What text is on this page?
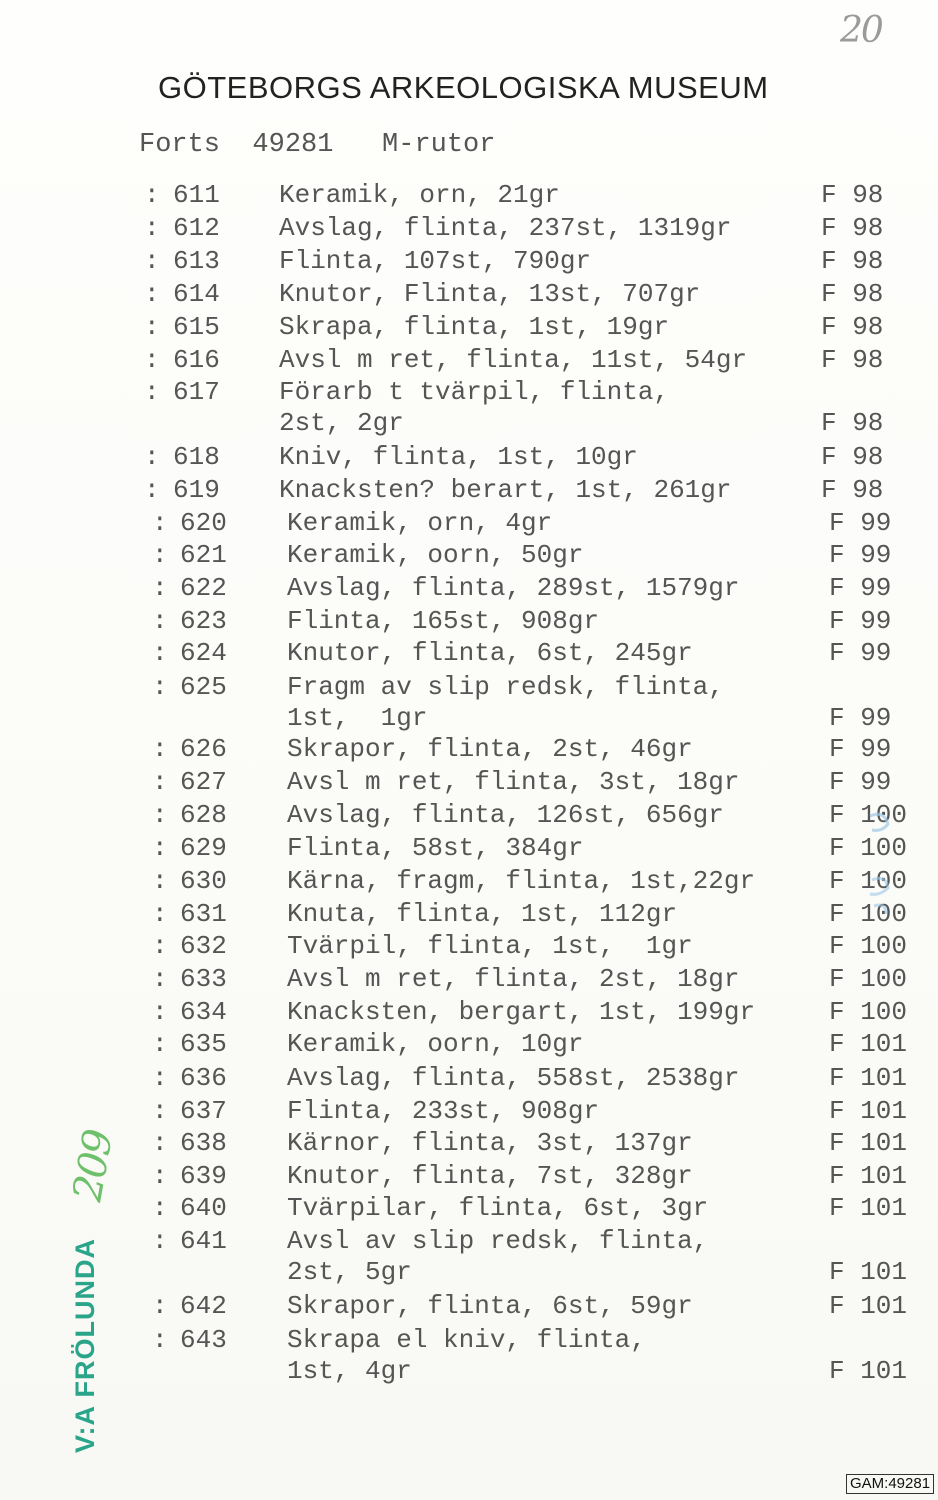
20
GÖTEBORGS ARKEOLOGISKA MUSEUM
Forts  49281   M-rutor
: 611 Keramik, orn, 21gr	F 98
: 612 Avslag, flinta, 237st, 1319gr	F 98
: 613 Flinta, 107st, 790gr	F 98
: 614 Knutor, Flinta, 13st, 707gr	F 98
: 615 Skrapa, flinta, 1st, 19gr	F 98
: 616 Avsl m ret, flinta, 11st, 54gr	F 98
: 617 Förarb t tvärpil, flinta,
2st, 2gr	F 98
: 618 Kniv, flinta, 1st, 10gr	F 98
: 619 Knacksten? berart, 1st, 261gr	F 98
: 620 Keramik, orn, 4gr	F 99
: 621 Keramik, oorn, 50gr	F 99
: 622 Avslag, flinta, 289st, 1579gr	F 99
: 623 Flinta, 165st, 908gr	F 99
: 624 Knutor, flinta, 6st, 245gr	F 99
: 625 Fragm av slip redsk, flinta,
1st,  1gr	F 99
: 626 Skrapor, flinta, 2st, 46gr	F 99
: 627 Avsl m ret, flinta, 3st, 18gr	F 99
: 628 Avslag, flinta, 126st, 656gr	F 100
: 629 Flinta, 58st, 384gr	F 100
: 630 Kärna, fragm, flinta, 1st,22gr	F 100
: 631 Knuta, flinta, 1st, 112gr	F 100
: 632 Tvärpil, flinta, 1st,  1gr	F 100
: 633 Avsl m ret, flinta, 2st, 18gr	F 100
: 634 Knacksten, bergart, 1st, 199gr	F 100
: 635 Keramik, oorn, 10gr	F 101
: 636 Avslag, flinta, 558st, 2538gr	F 101
: 637 Flinta, 233st, 908gr	F 101
: 638 Kärnor, flinta, 3st, 137gr	F 101
: 639 Knutor, flinta, 7st, 328gr	F 101
: 640 Tvärpilar, flinta, 6st, 3gr	F 101
: 641 Avsl av slip redsk, flinta,
2st, 5gr	F 101
: 642 Skrapor, flinta, 6st, 59gr	F 101
: 643 Skrapa el kniv, flinta,
1st, 4gr	F 101
V:A FRÖLUNDA
209
GAM:49281
